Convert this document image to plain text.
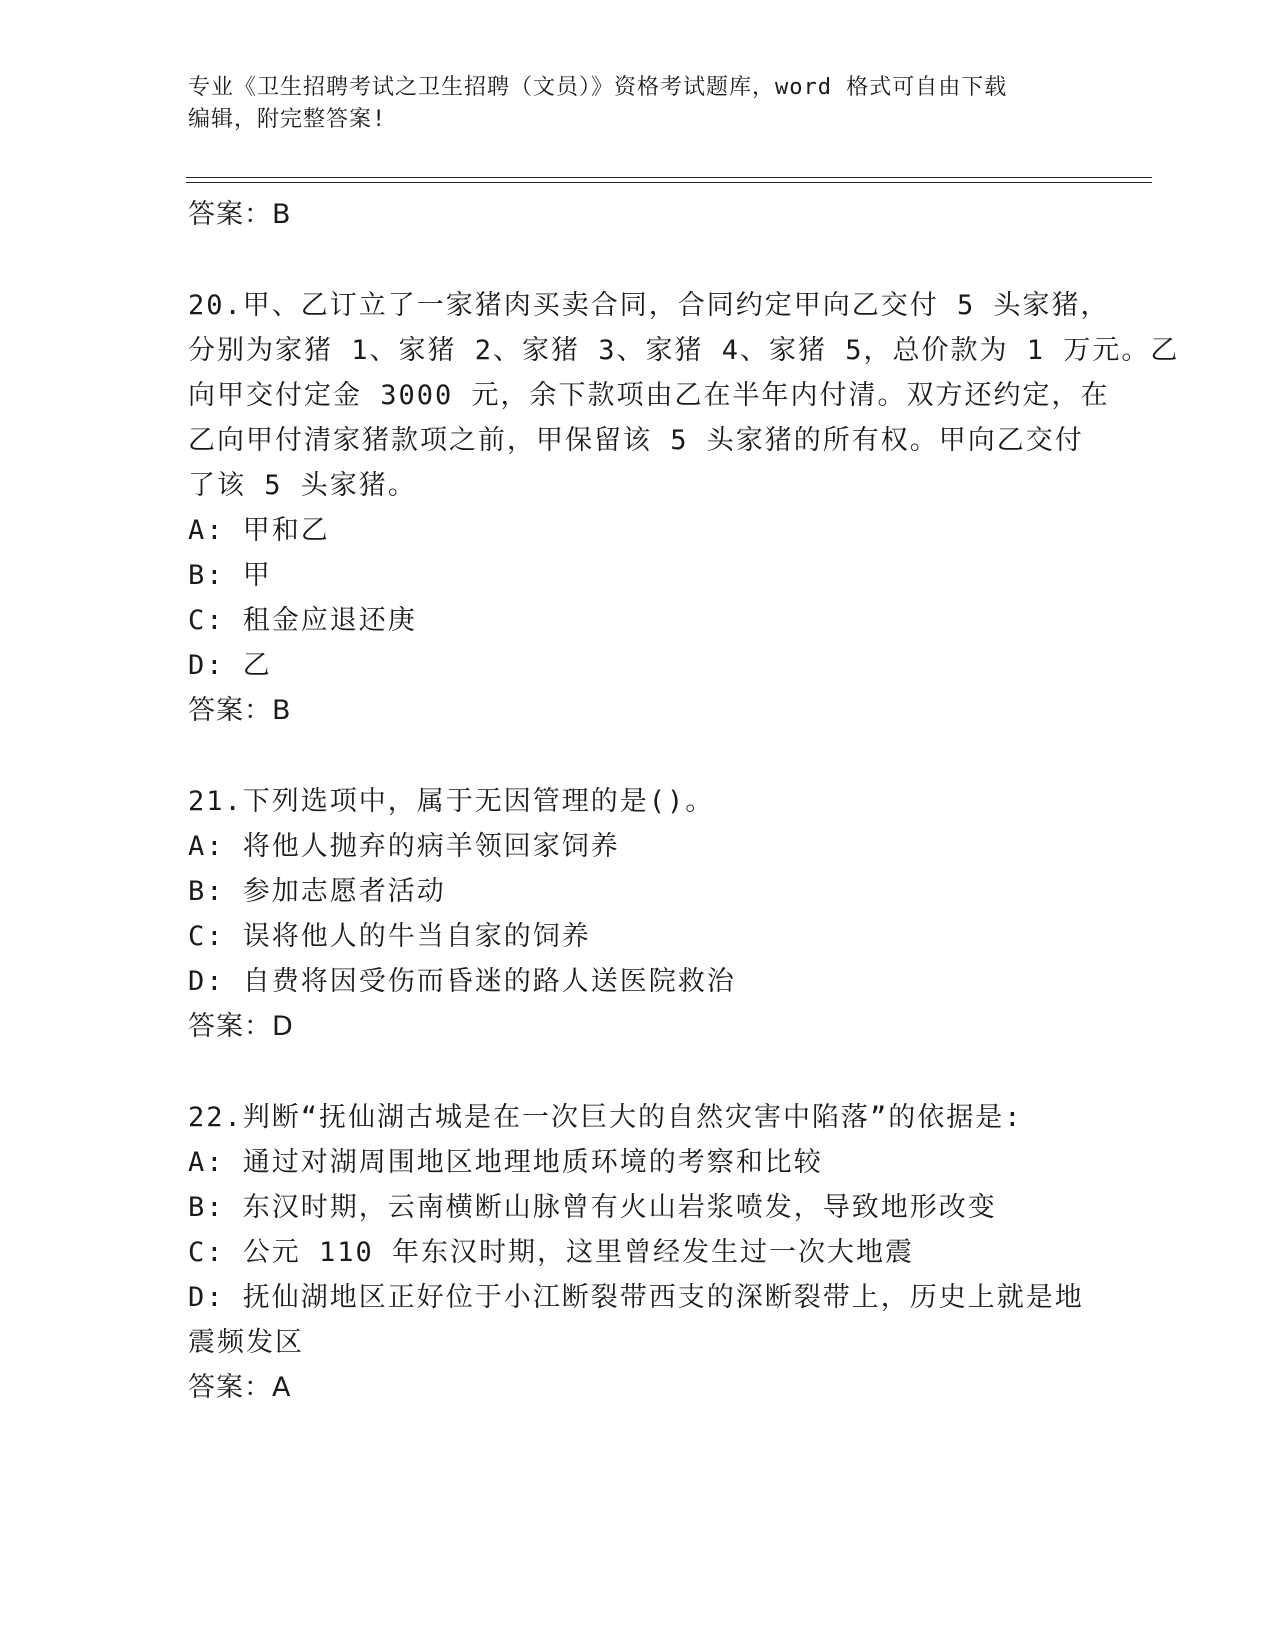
专业《卫生招聘考试之卫生招聘（文员）》资格考试题库，word 格式可自由下载
编辑，附完整答案!
答案：B
20.甲、乙订立了一家猪肉买卖合同，合同约定甲向乙交付 5 头家猪，
分别为家猪 1、家猪 2、家猪 3、家猪 4、家猪 5，总价款为 1 万元。乙
向甲交付定金 3000 元，余下款项由乙在半年内付清。双方还约定，在
乙向甲付清家猪款项之前，甲保留该 5 头家猪的所有权。甲向乙交付
了该 5 头家猪。
A: 甲和乙
B: 甲
C: 租金应退还庚
D: 乙
答案：B
21.下列选项中，属于无因管理的是()。
A: 将他人抛弃的病羊领回家饲养
B: 参加志愿者活动
C: 误将他人的牛当自家的饲养
D: 自费将因受伤而昏迷的路人送医院救治
答案：D
22.判断“抚仙湖古城是在一次巨大的自然灾害中陷落”的依据是:
A: 通过对湖周围地区地理地质环境的考察和比较
B: 东汉时期，云南横断山脉曾有火山岩浆喷发，导致地形改变
C: 公元 110 年东汉时期，这里曾经发生过一次大地震
D: 抚仙湖地区正好位于小江断裂带西支的深断裂带上，历史上就是地
震频发区
答案：A
